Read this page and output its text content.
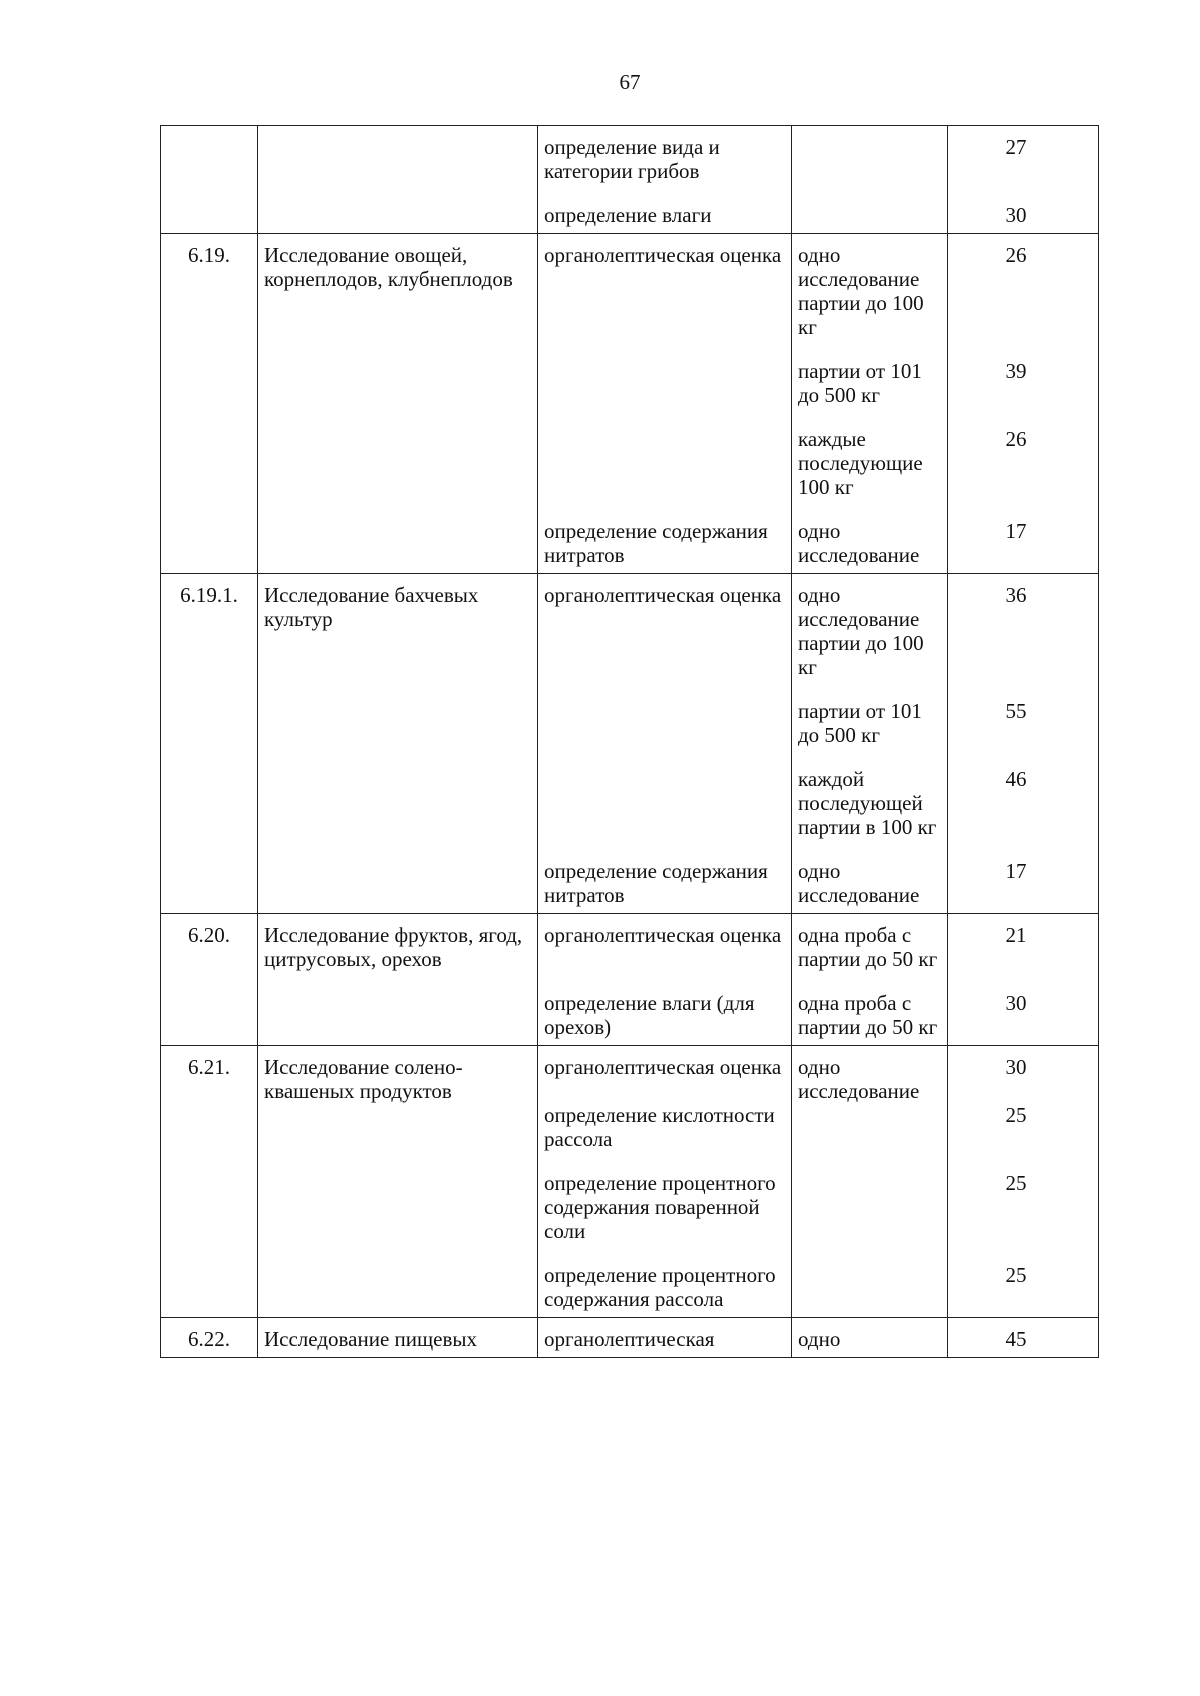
67
		определение вида и категории грибов		27
		определение влаги		30
6.19.	Исследование овощей, корнеплодов, клубнеплодов	органолептическая оценка	одно исследование партии до 100 кг	26
			партии от 101 до 500 кг	39
			каждые последующие 100 кг	26
		определение содержания нитратов	одно исследование	17
6.19.1.	Исследование бахчевых культур	органолептическая оценка	одно исследование партии до 100 кг	36
			партии от 101 до 500 кг	55
			каждой последующей партии в 100 кг	46
		определение содержания нитратов	одно исследование	17
6.20.	Исследование фруктов, ягод, цитрусовых, орехов	органолептическая оценка	одна проба с партии до 50 кг	21
		определение влаги (для орехов)	одна проба с партии до 50 кг	30
6.21.	Исследование солено-квашеных продуктов	органолептическая оценка	одно исследование	30
		определение кислотности рассола		25
		определение процентного содержания поваренной соли		25
		определение процентного содержания рассола		25
6.22.	Исследование пищевых	органолептическая	одно	45
